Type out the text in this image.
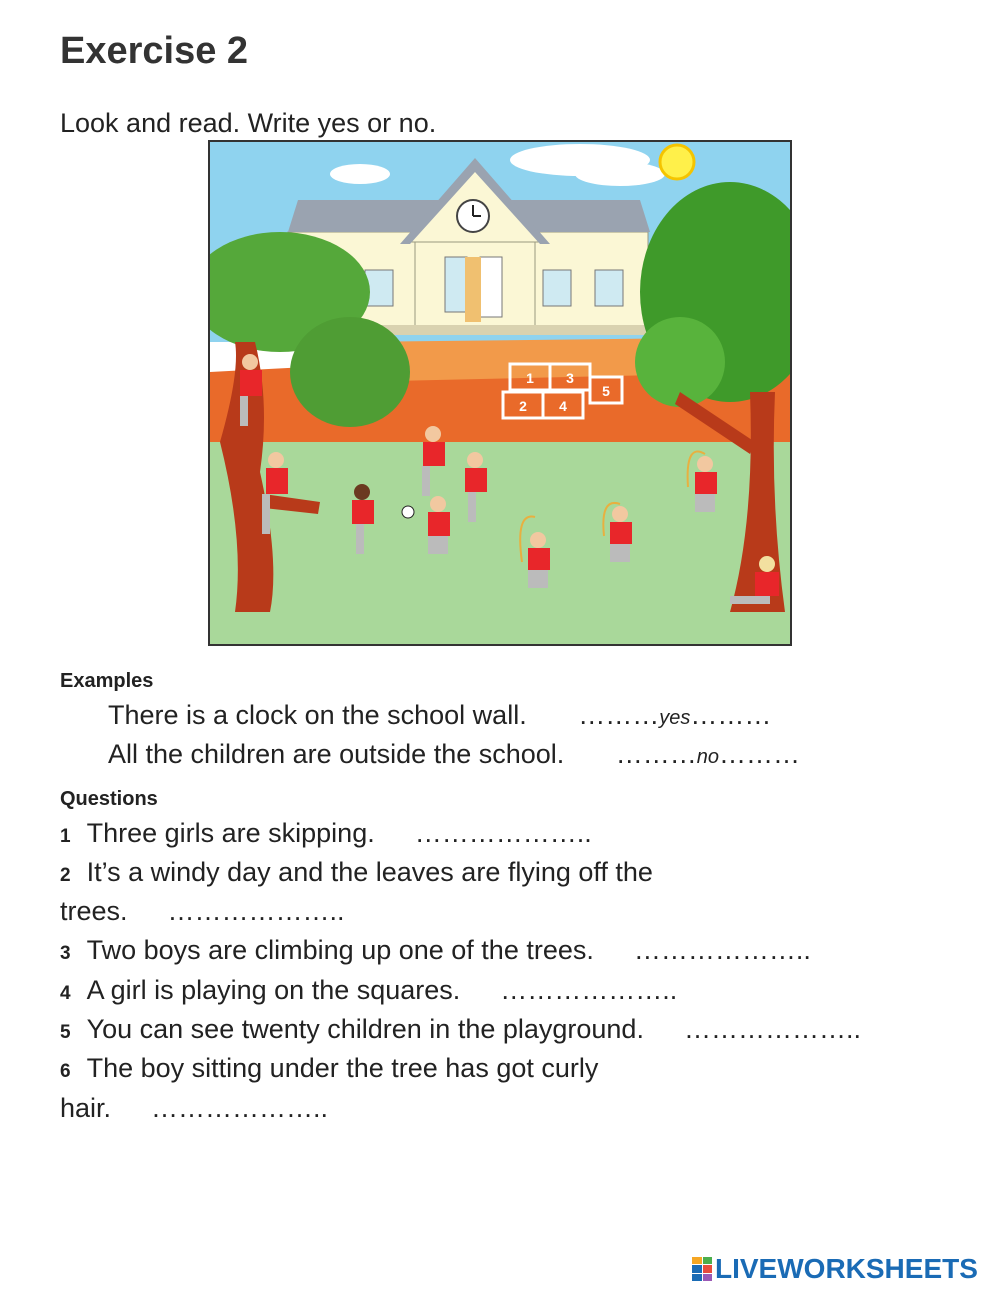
Exercise 2
Look and read. Write yes or no.
1 3
5
2 4
Examples
There is a clock on the school wall. ………yes………
All the children are outside the school. ………no………
Questions
1 Three girls are skipping. ………………..
2 It’s a windy day and the leaves are flying off the
trees. ………………..
3 Two boys are climbing up one of the trees. ………………..
4 A girl is playing on the squares. ………………..
5 You can see twenty children in the playground. ………………..
6 The boy sitting under the tree has got curly
hair. ………………..
LIVEWORKSHEETS
